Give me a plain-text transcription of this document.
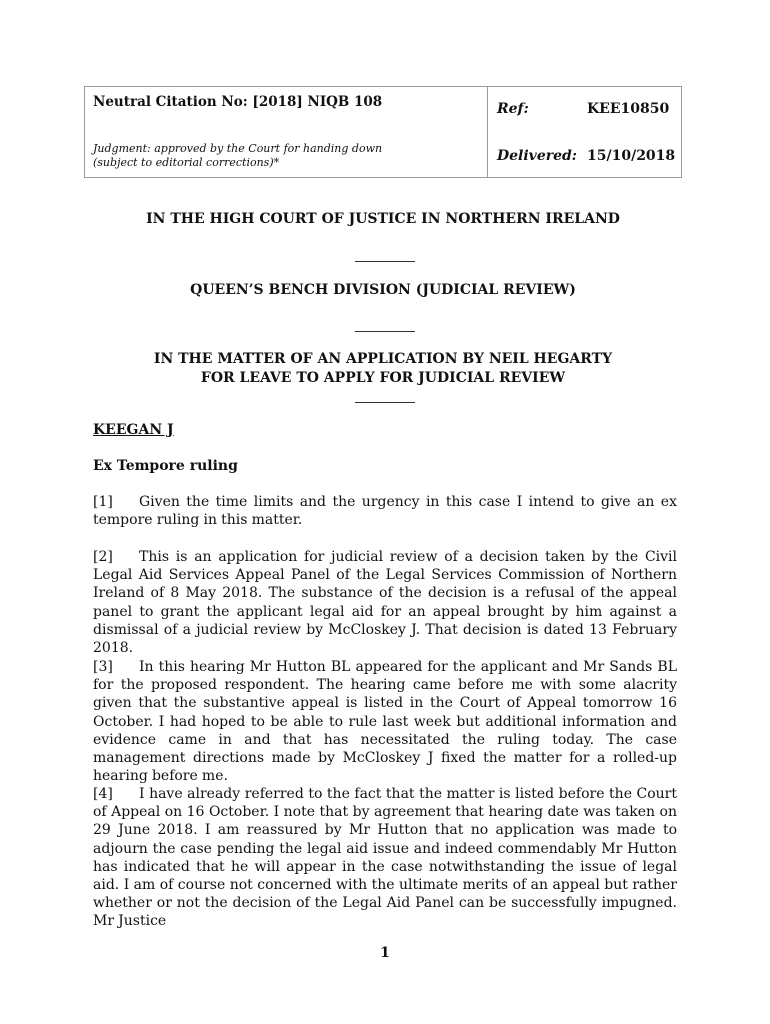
Neutral Citation No: [2018] NIQB 108
Judgment: approved by the Court for handing down
(subject to editorial corrections)*
Ref:	KEE10850
Delivered: 15/10/2018
IN THE HIGH COURT OF JUSTICE IN NORTHERN IRELAND
QUEEN’S BENCH DIVISION (JUDICIAL REVIEW)
IN THE MATTER OF AN APPLICATION BY NEIL HEGARTY
FOR LEAVE TO APPLY FOR JUDICIAL REVIEW
KEEGAN J
Ex Tempore ruling

[1] Given the time limits and the urgency in this case I intend to give an ex tempore ruling in this matter.

[2] This is an application for judicial review of a decision taken by the Civil Legal Aid Services Appeal Panel of the Legal Services Commission of Northern Ireland of 8 May 2018. The substance of the decision is a refusal of the appeal panel to grant the applicant legal aid for an appeal brought by him against a dismissal of a judicial review by McCloskey J. That decision is dated 13 February 2018.

[3] In this hearing Mr Hutton BL appeared for the applicant and Mr Sands BL for the proposed respondent. The hearing came before me with some alacrity given that the substantive appeal is listed in the Court of Appeal tomorrow 16 October. I had hoped to be able to rule last week but additional information and evidence came in and that has necessitated the ruling today. The case management directions made by McCloskey J fixed the matter for a rolled-up hearing before me.

[4] I have already referred to the fact that the matter is listed before the Court of Appeal on 16 October. I note that by agreement that hearing date was taken on 29 June 2018. I am reassured by Mr Hutton that no application was made to adjourn the case pending the legal aid issue and indeed commendably Mr Hutton has indicated that he will appear in the case notwithstanding the issue of legal aid. I am of course not concerned with the ultimate merits of an appeal but rather whether or not the decision of the Legal Aid Panel can be successfully impugned. Mr Justice

1
